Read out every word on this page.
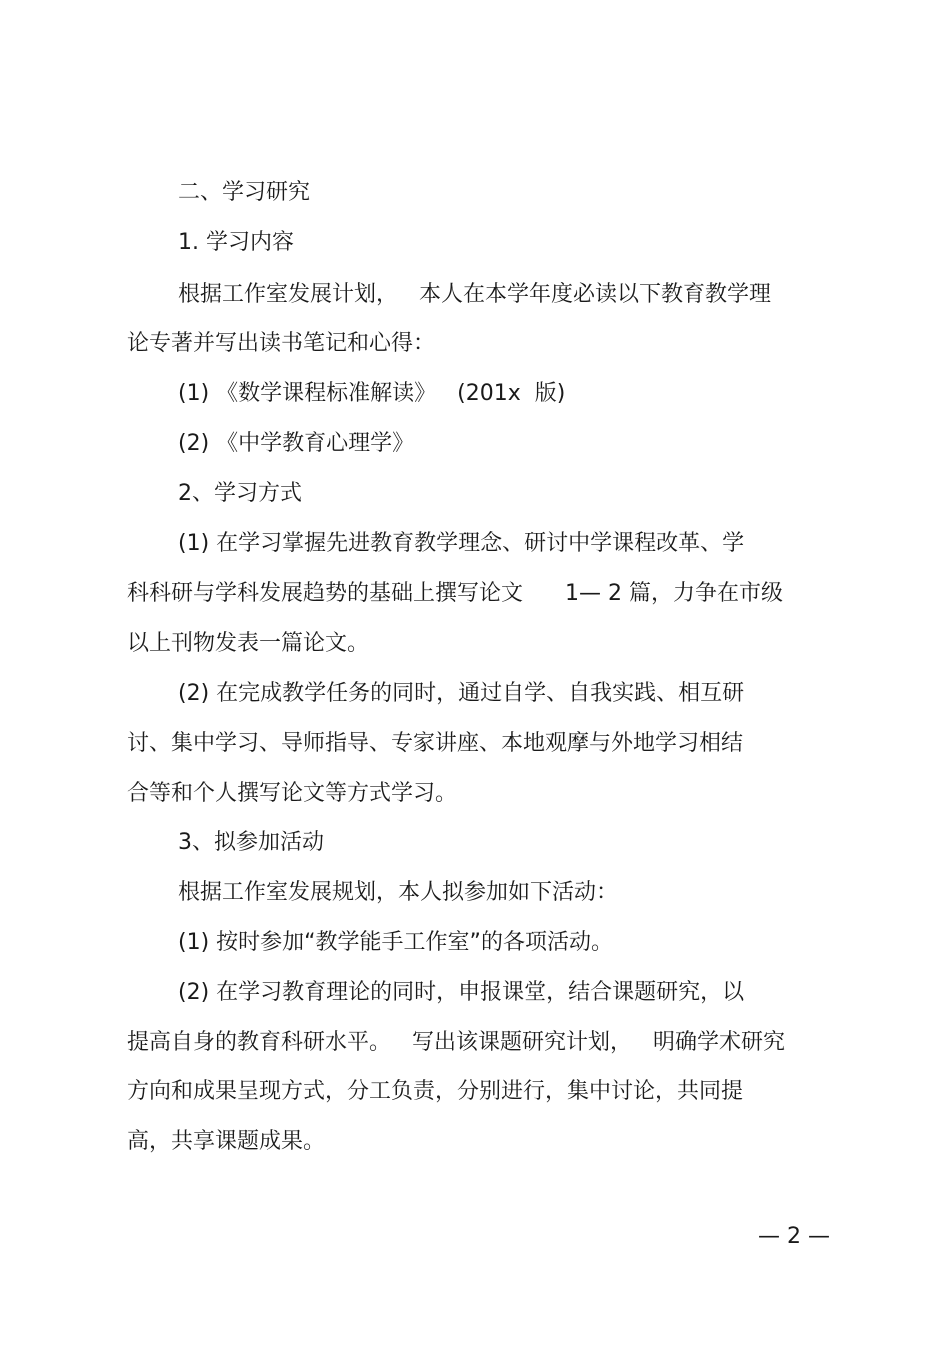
二、学习研究
1. 学习内容
根据工作室发展计划，   本人在本学年度必读以下教育教学理
论专著并写出读书笔记和心得：
(1) 《数学课程标准解读》   (201x  版)
(2) 《中学教育心理学》
2、学习方式
(1) 在学习掌握先进教育教学理念、研讨中学课程改革、学
科科研与学科发展趋势的基础上撰写论文      1— 2 篇，力争在市级
以上刊物发表一篇论文。
(2) 在完成教学任务的同时，通过自学、自我实践、相互研
讨、集中学习、导师指导、专家讲座、本地观摩与外地学习相结
合等和个人撰写论文等方式学习。
3、拟参加活动
根据工作室发展规划，本人拟参加如下活动：
(1) 按时参加“教学能手工作室”的各项活动。
(2) 在学习教育理论的同时，申报课堂，结合课题研究，以
提高自身的教育科研水平。   写出该课题研究计划，   明确学术研究
方向和成果呈现方式，分工负责，分别进行，集中讨论，共同提
高，共享课题成果。
— 2 —
